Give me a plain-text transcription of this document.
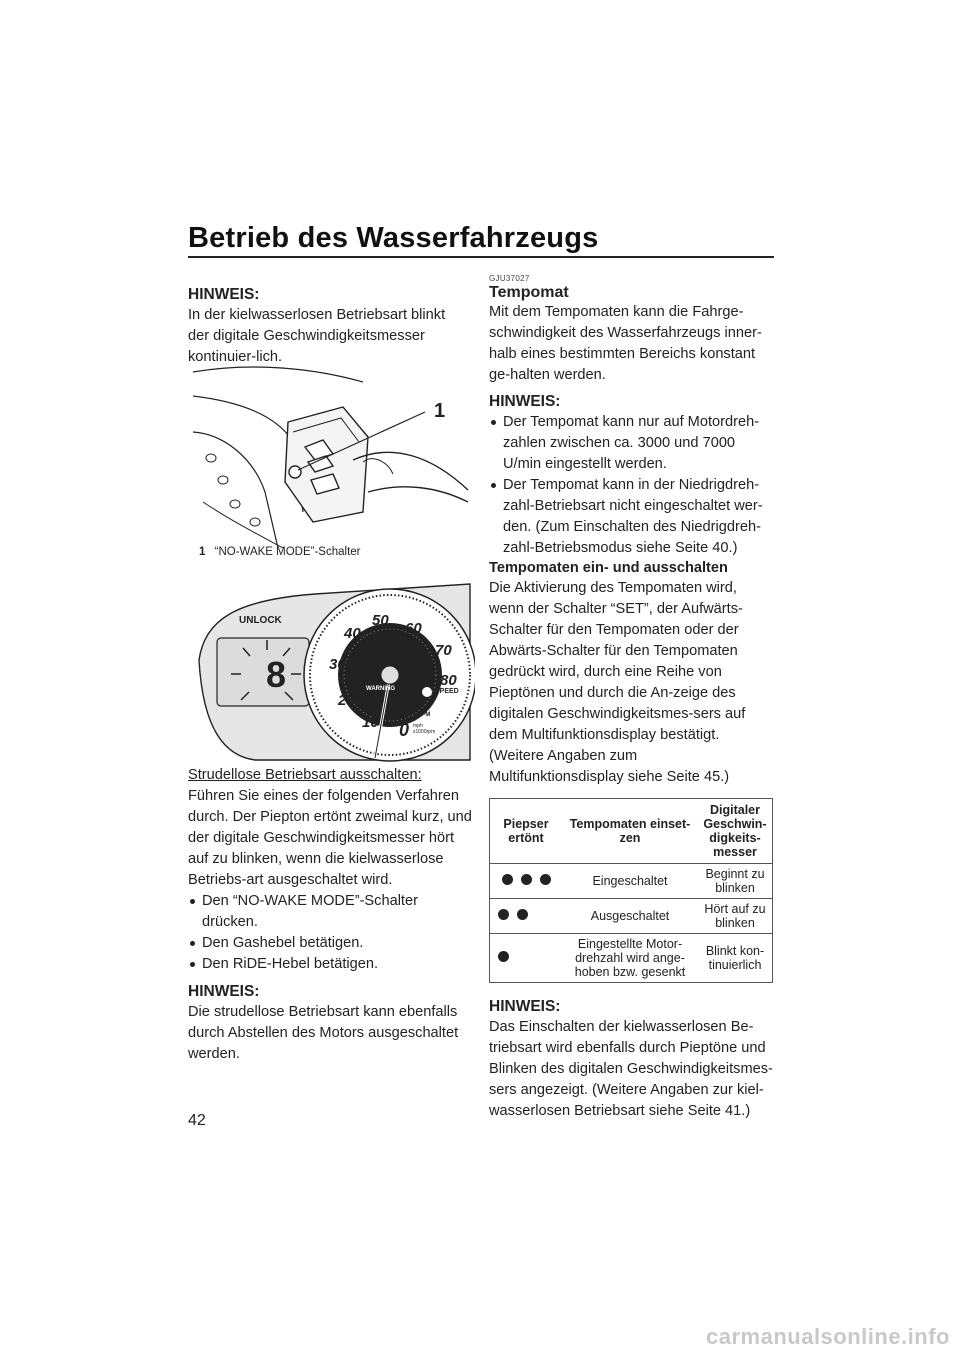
Betrieb des Wasserfahrzeugs
HINWEIS:

In der kielwasserlosen Betriebsart blinkt der digitale Geschwindigkeitsmesser kontinuier-lich.

1
1 “NO-WAKE MODE”-Schalter
UNLOCK
8
50 60
40
70
30
80
20
10 0
WARNING	SPEED
RPM
mph
x1000rpm

Strudellose Betriebsart ausschalten:

Führen Sie eines der folgenden Verfahren durch. Der Piepton ertönt zweimal kurz, und der digitale Geschwindigkeitsmesser hört auf zu blinken, wenn die kielwasserlose Betriebs-art ausgeschaltet wird.

Den “NO-WAKE MODE”-Schalter drücken.
Den Gashebel betätigen.
Den RiDE-Hebel betätigen.
HINWEIS:

Die strudellose Betriebsart kann ebenfalls durch Abstellen des Motors ausgeschaltet werden.

GJU37027
Tempomat

Mit dem Tempomaten kann die Fahrge-schwindigkeit des Wasserfahrzeugs inner-halb eines bestimmten Bereichs konstant ge-halten werden.

HINWEIS:
Der Tempomat kann nur auf Motordreh-zahlen zwischen ca. 3000 und 7000 U/min eingestellt werden.
Der Tempomat kann in der Niedrigdreh-zahl-Betriebsart nicht eingeschaltet wer-den. (Zum Einschalten des Niedrigdreh-zahl-Betriebsmodus siehe Seite 40.)
Tempomaten ein- und ausschalten

Die Aktivierung des Tempomaten wird, wenn der Schalter “SET”, der Aufwärts-Schalter für den Tempomaten oder der Abwärts-Schalter für den Tempomaten gedrückt wird, durch eine Reihe von Pieptönen und durch die An-zeige des digitalen Geschwindigkeitsmes-sers auf dem Multifunktionsdisplay bestätigt. (Weitere Angaben zum Multifunktionsdisplay siehe Seite 45.)

Piepser ertönt	Tempomaten einset-zen	Digitaler Geschwin-digkeits-messer
	Eingeschaltet	Beginnt zu blinken
	Ausgeschaltet	Hört auf zu blinken
	Eingestellte Motor-drehzahl wird ange-hoben bzw. gesenkt	Blinkt kon-tinuierlich
HINWEIS:

Das Einschalten der kielwasserlosen Be-triebsart wird ebenfalls durch Pieptöne und Blinken des digitalen Geschwindigkeitsmes-sers angezeigt. (Weitere Angaben zur kiel-wasserlosen Betriebsart siehe Seite 41.)

42
carmanualsonline.info
